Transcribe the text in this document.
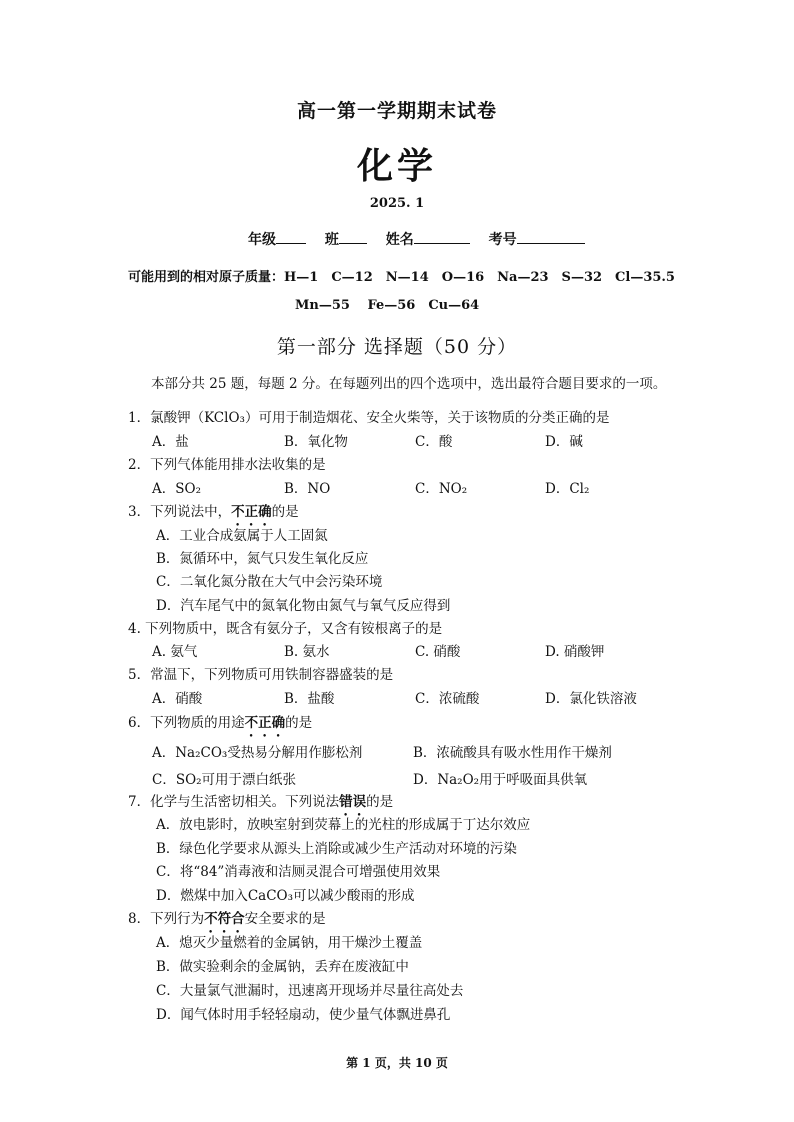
高一第一学期期末试卷
化学
2025. 1
年级	班	姓名	考号
可能用到的相对原子质量：H—1　C—12　N—14　O—16　Na—23　S—32　Cl—35.5
Mn—55　 Fe—56　Cu—64
第一部分 选择题（50 分）
本部分共 25 题，每题 2 分。在每题列出的四个选项中，选出最符合题目要求的一项。
1．氯酸钾（KClO₃）可用于制造烟花、安全火柴等，关于该物质的分类正确的是
A．盐	B．氧化物	C．酸	D．碱
2．下列气体能用排水法收集的是
A．SO₂	B．NO	C．NO₂	D．Cl₂
3．下列说法中，不正确的是
A．工业合成氨属于人工固氮
B．氮循环中，氮气只发生氧化反应
C．二氧化氮分散在大气中会污染环境
D．汽车尾气中的氮氧化物由氮气与氧气反应得到
4. 下列物质中，既含有氨分子，又含有铵根离子的是
A. 氨气	B. 氨水	C. 硝酸	D. 硝酸钾
5．常温下，下列物质可用铁制容器盛装的是
A．硝酸	B．盐酸	C．浓硫酸	D．氯化铁溶液
6．下列物质的用途不正确的是
A．Na₂CO₃受热易分解用作膨松剂	B．浓硫酸具有吸水性用作干燥剂
C．SO₂可用于漂白纸张	D．Na₂O₂用于呼吸面具供氧
7．化学与生活密切相关。下列说法错误的是
A．放电影时，放映室射到荧幕上的光柱的形成属于丁达尔效应
B．绿色化学要求从源头上消除或减少生产活动对环境的污染
C．将“84”消毒液和洁厕灵混合可增强使用效果
D．燃煤中加入CaCO₃可以减少酸雨的形成
8．下列行为不符合安全要求的是
A．熄灭少量燃着的金属钠，用干燥沙土覆盖
B．做实验剩余的金属钠，丢弃在废液缸中
C．大量氯气泄漏时，迅速离开现场并尽量往高处去
D．闻气体时用手轻轻扇动，使少量气体飘进鼻孔
第 1 页，共 10 页
